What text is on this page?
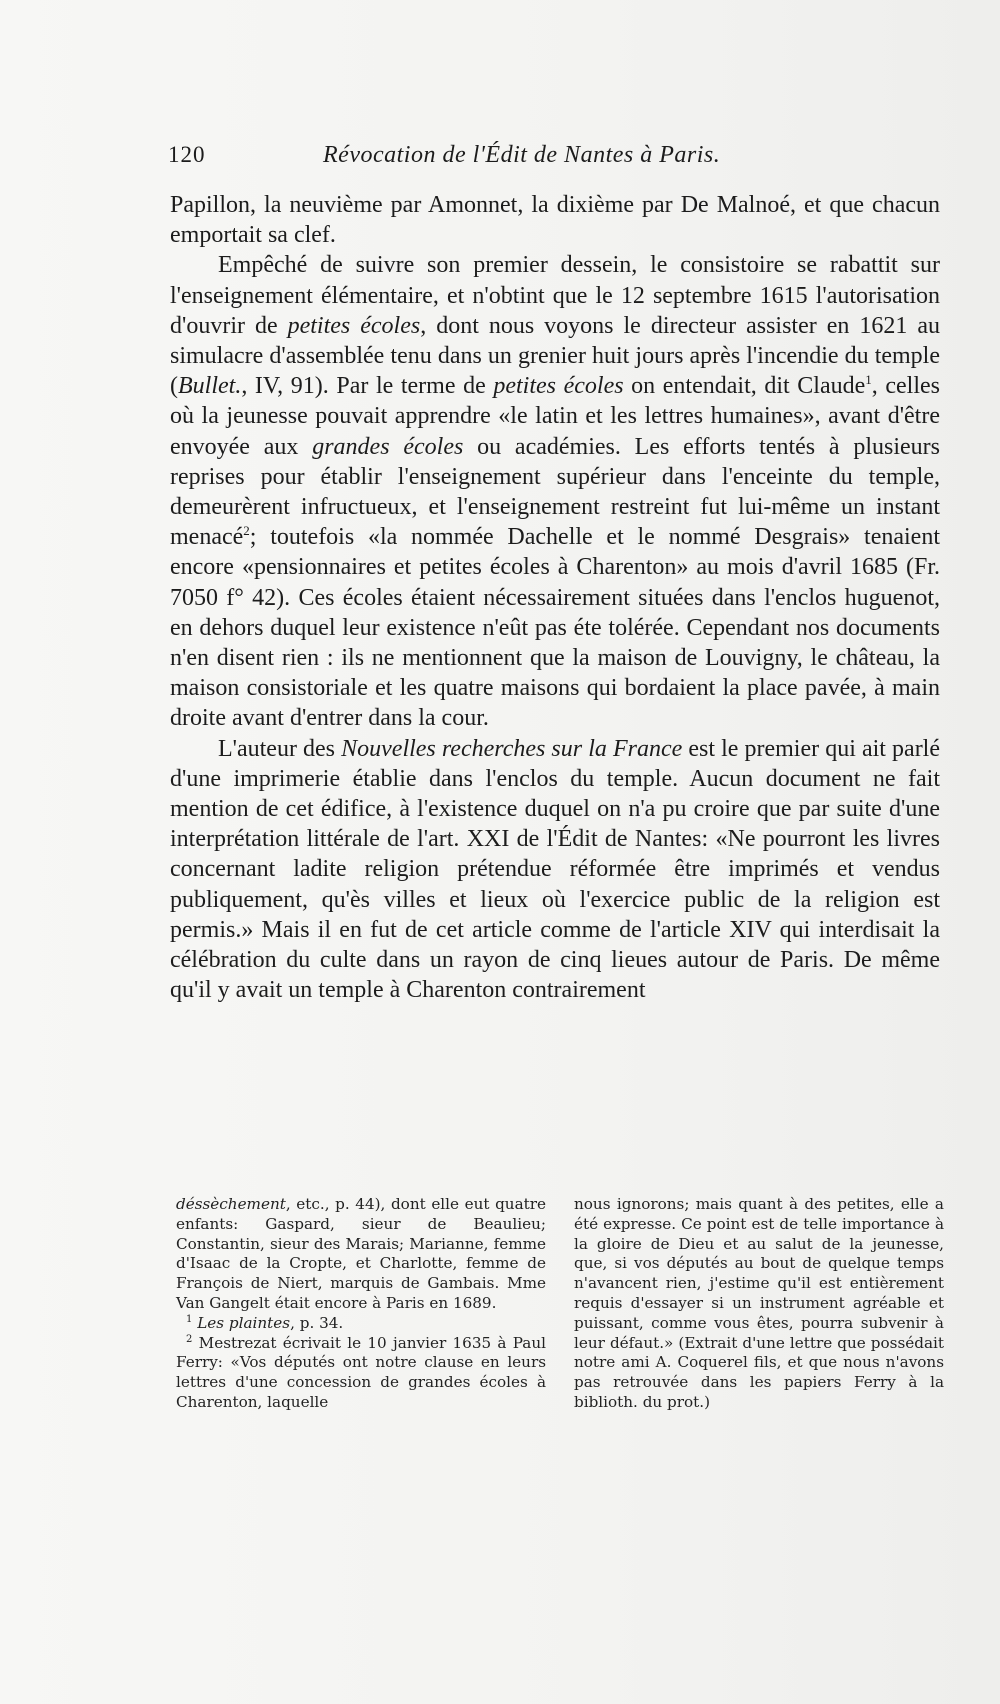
120	Révocation de l'Édit de Nantes à Paris.

Papillon, la neuvième par Amonnet, la dixième par De Malnoé, et que chacun emportait sa clef.

Empêché de suivre son premier dessein, le consistoire se rabattit sur l'enseignement élémentaire, et n'obtint que le 12 septembre 1615 l'autorisation d'ouvrir de petites écoles, dont nous voyons le directeur assister en 1621 au simulacre d'assemblée tenu dans un grenier huit jours après l'incendie du temple (Bullet., IV, 91). Par le terme de petites écoles on entendait, dit Claude$^1$, celles où la jeunesse pouvait apprendre «le latin et les lettres humaines», avant d'être envoyée aux grandes écoles ou académies. Les efforts tentés à plusieurs reprises pour établir l'enseignement supérieur dans l'enceinte du temple, demeurèrent infructueux, et l'enseignement restreint fut lui-même un instant menacé$^2$; toutefois «la nommée Dachelle et le nommé Desgrais» tenaient encore «pensionnaires et petites écoles à Charenton» au mois d'avril 1685 (Fr. 7050 f° 42). Ces écoles étaient nécessairement situées dans l'enclos huguenot, en dehors duquel leur existence n'eût pas éte tolérée. Cependant nos documents n'en disent rien : ils ne mentionnent que la maison de Louvigny, le château, la maison consistoriale et les quatre maisons qui bordaient la place pavée, à main droite avant d'entrer dans la cour.

L'auteur des Nouvelles recherches sur la France est le premier qui ait parlé d'une imprimerie établie dans l'enclos du temple. Aucun document ne fait mention de cet édifice, à l'existence duquel on n'a pu croire que par suite d'une interprétation littérale de l'art. XXI de l'Édit de Nantes: «Ne pourront les livres concernant ladite religion prétendue réformée être imprimés et vendus publiquement, qu'ès villes et lieux où l'exercice public de la religion est permis.» Mais il en fut de cet article comme de l'article XIV qui interdisait la célébration du culte dans un rayon de cinq lieues autour de Paris. De même qu'il y avait un temple à Charenton contrairement

déssèchement, etc., p. 44), dont elle eut quatre enfants: Gaspard, sieur de Beaulieu; Constantin, sieur des Marais; Marianne, femme d'Isaac de la Cropte, et Charlotte, femme de François de Niert, marquis de Gambais. Mme Van Gangelt était encore à Paris en 1689.

$^1$ Les plaintes, p. 34.

$^2$ Mestrezat écrivait le 10 janvier 1635 à Paul Ferry: «Vos députés ont notre clause en leurs lettres d'une concession de grandes écoles à Charenton, laquelle

nous ignorons; mais quant à des petites, elle a été expresse. Ce point est de telle importance à la gloire de Dieu et au salut de la jeunesse, que, si vos députés au bout de quelque temps n'avancent rien, j'estime qu'il est entièrement requis d'essayer si un instrument agréable et puissant, comme vous êtes, pourra subvenir à leur défaut.» (Extrait d'une lettre que possédait notre ami A. Coquerel fils, et que nous n'avons pas retrouvée dans les papiers Ferry à la biblioth. du prot.)
